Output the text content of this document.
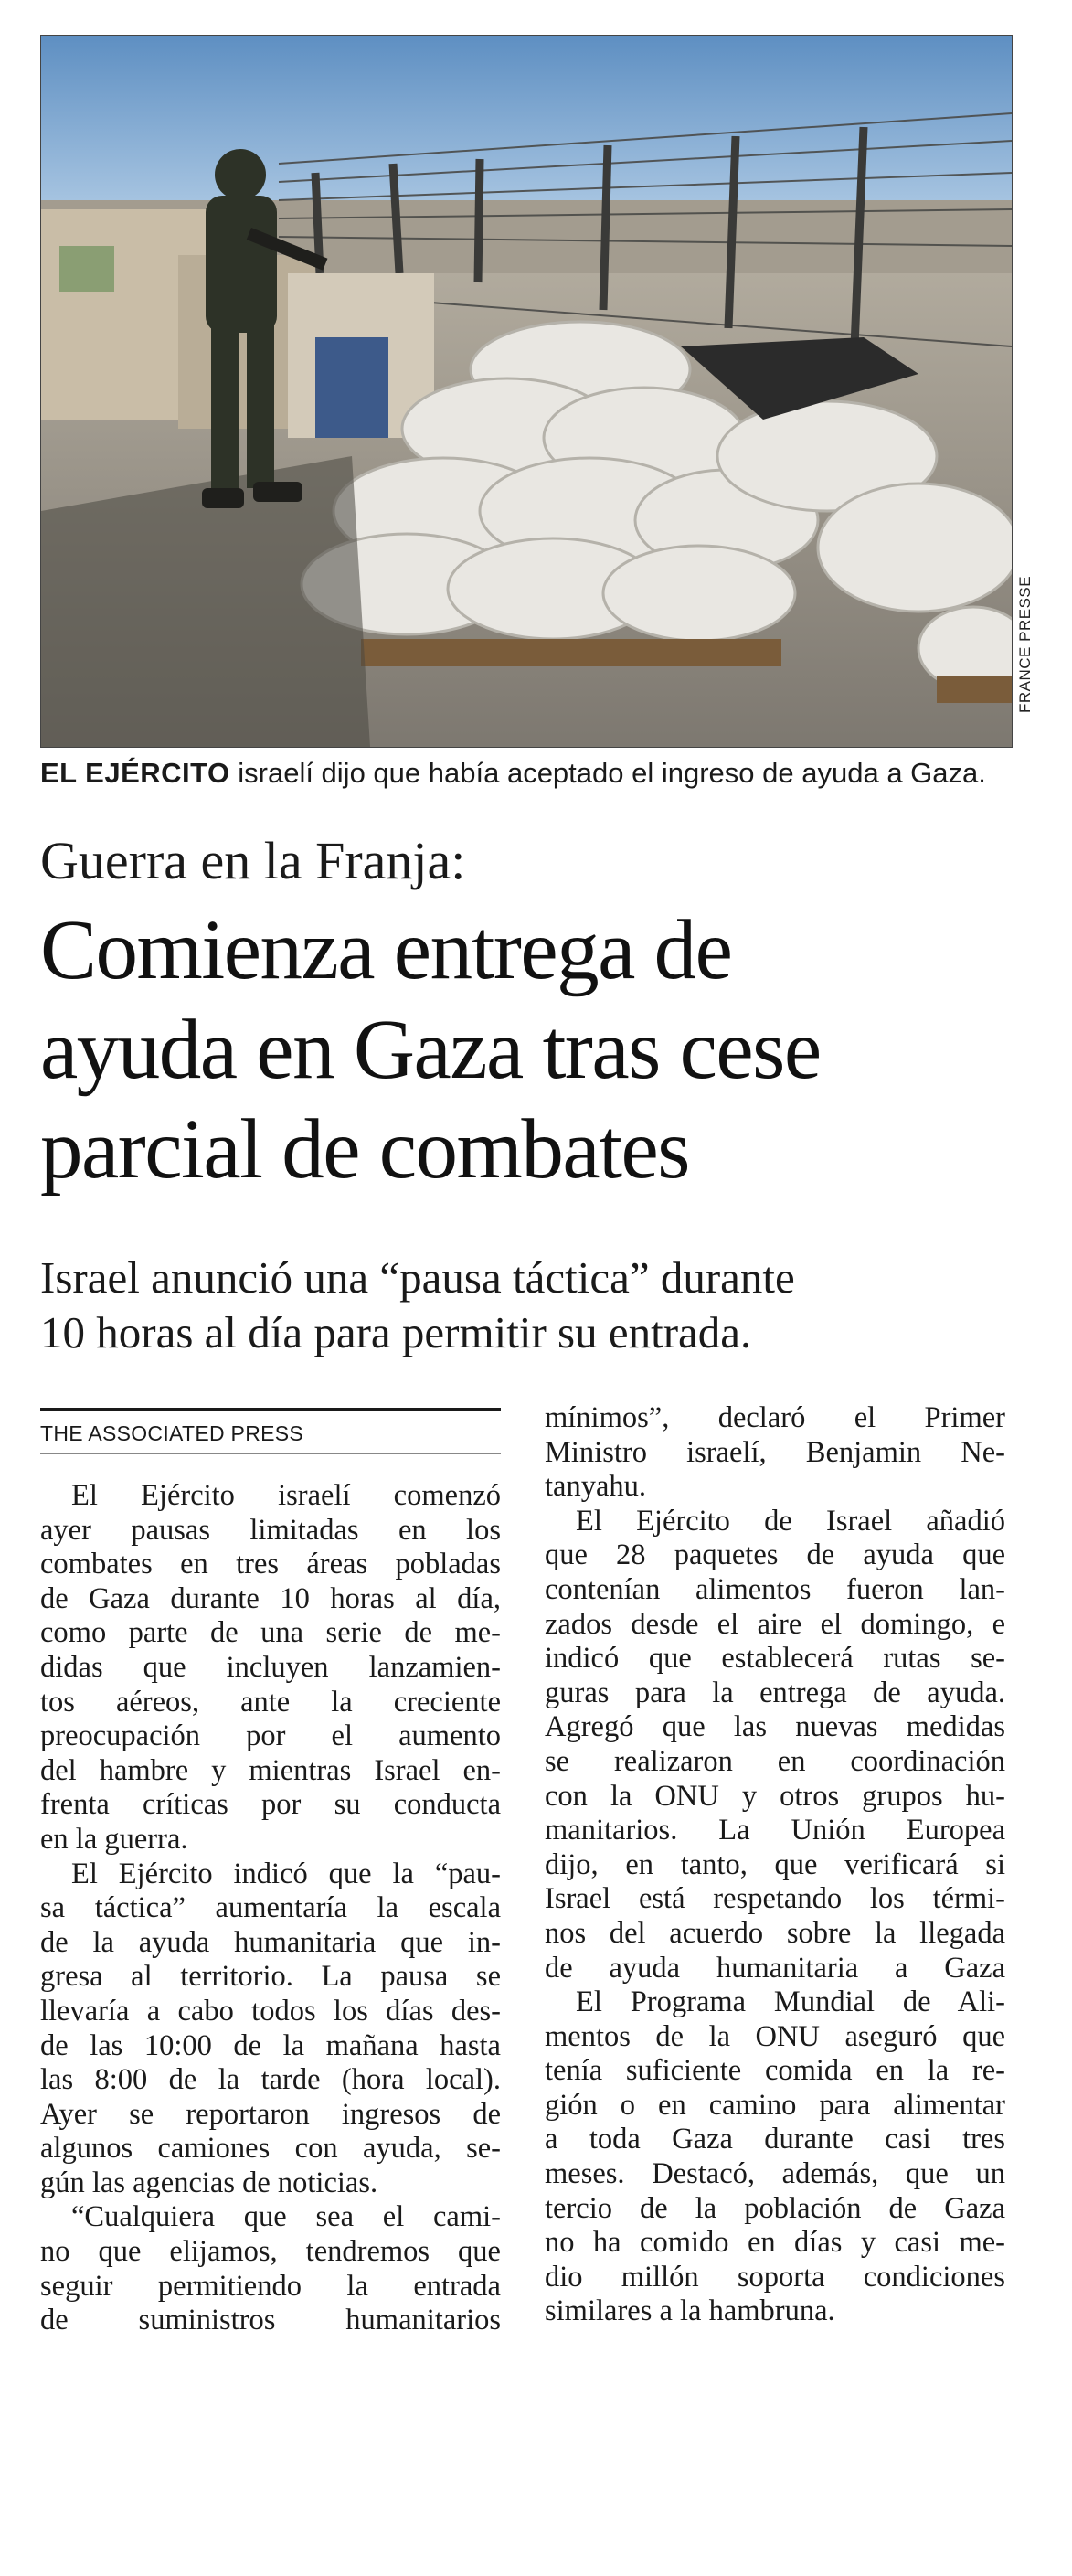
FRANCE PRESSE
EL EJÉRCITO israelí dijo que había aceptado el ingreso de ayuda a Gaza.
Guerra en la Franja:
Comienza entrega de
ayuda en Gaza tras cese
parcial de combates
Israel anunció una “pausa táctica” durante
10 horas al día para permitir su entrada.
THE ASSOCIATED PRESS
El Ejército israelí comenzó
ayer pausas limitadas en los
combates en tres áreas pobladas
de Gaza durante 10 horas al día,
como parte de una serie de me-
didas que incluyen lanzamien-
tos aéreos, ante la creciente
preocupación por el aumento
del hambre y mientras Israel en-
frenta críticas por su conducta
en la guerra.
El Ejército indicó que la “pau-
sa táctica” aumentaría la escala
de la ayuda humanitaria que in-
gresa al territorio. La pausa se
llevaría a cabo todos los días des-
de las 10:00 de la mañana hasta
las 8:00 de la tarde (hora local).
Ayer se reportaron ingresos de
algunos camiones con ayuda, se-
gún las agencias de noticias.
“Cualquiera que sea el cami-
no que elijamos, tendremos que
seguir permitiendo la entrada
de suministros humanitarios
mínimos”, declaró el Primer
Ministro israelí, Benjamin Ne-
tanyahu.
El Ejército de Israel añadió
que 28 paquetes de ayuda que
contenían alimentos fueron lan-
zados desde el aire el domingo, e
indicó que establecerá rutas se-
guras para la entrega de ayuda.
Agregó que las nuevas medidas
se realizaron en coordinación
con la ONU y otros grupos hu-
manitarios. La Unión Europea
dijo, en tanto, que verificará si
Israel está respetando los térmi-
nos del acuerdo sobre la llegada
de ayuda humanitaria a Gaza
El Programa Mundial de Ali-
mentos de la ONU aseguró que
tenía suficiente comida en la re-
gión o en camino para alimentar
a toda Gaza durante casi tres
meses. Destacó, además, que un
tercio de la población de Gaza
no ha comido en días y casi me-
dio millón soporta condiciones
similares a la hambruna.
